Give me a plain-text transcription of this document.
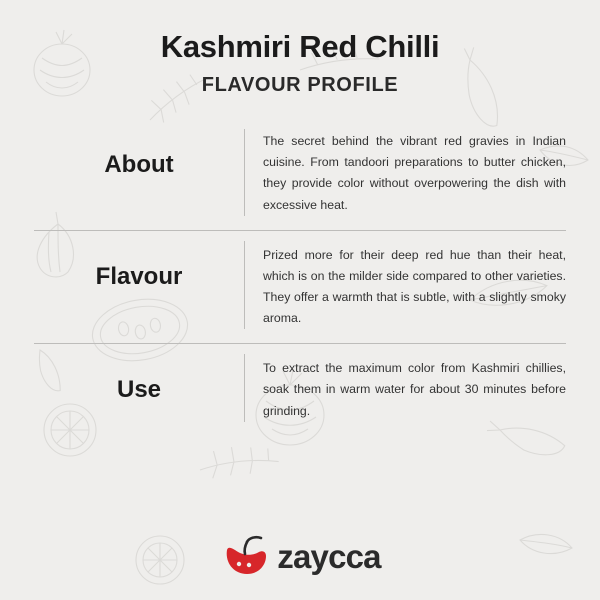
Kashmiri Red Chilli
FLAVOUR PROFILE
About
The secret behind the vibrant red gravies in Indian cuisine. From tandoori preparations to butter chicken, they provide color without overpowering the dish with excessive heat.
Flavour
Prized more for their deep red hue than their heat, which is on the milder side compared to other varieties. They offer a warmth that is subtle, with a slightly smoky aroma.
Use
To extract the maximum color from Kashmiri chillies, soak them in warm water for about 30 minutes before grinding.
zaycca
